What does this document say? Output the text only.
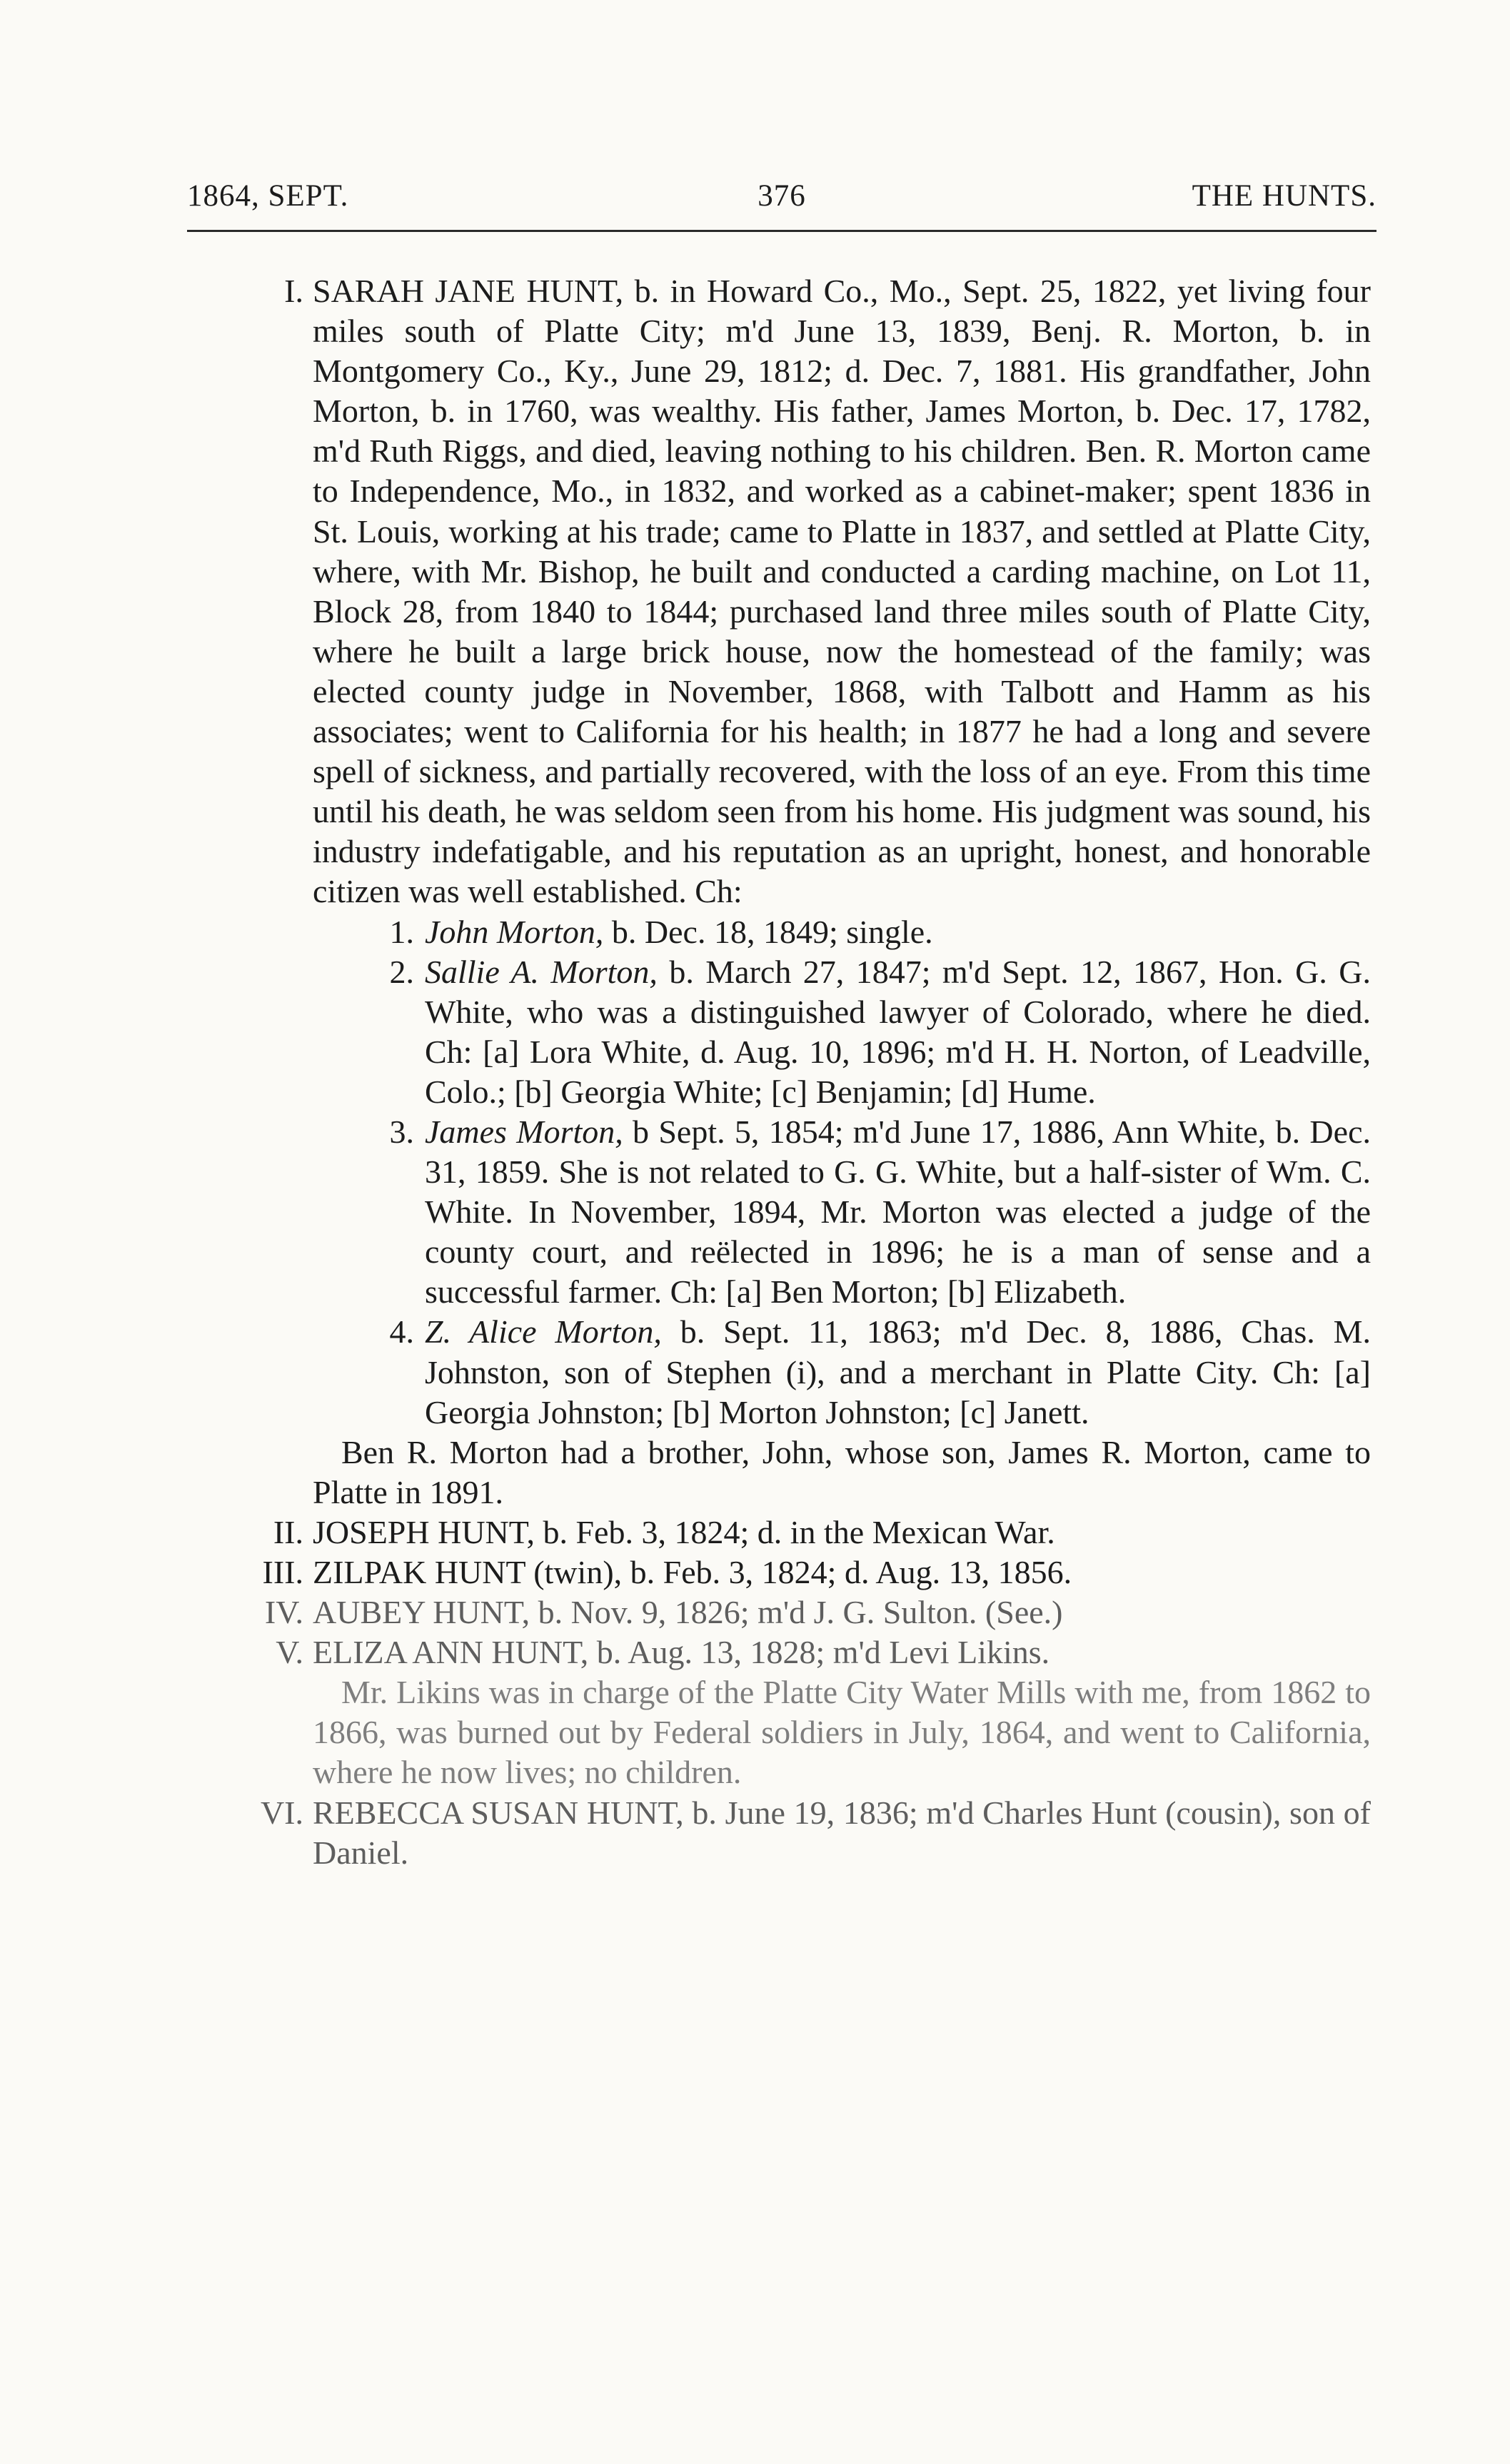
1864, SEPT.	376	THE HUNTS.
I. SARAH JANE HUNT, b. in Howard Co., Mo., Sept. 25, 1822, yet living four miles south of Platte City; m'd June 13, 1839, Benj. R. Morton, b. in Montgomery Co., Ky., June 29, 1812; d. Dec. 7, 1881. His grandfather, John Morton, b. in 1760, was wealthy. His father, James Morton, b. Dec. 17, 1782, m'd Ruth Riggs, and died, leaving nothing to his children. Ben. R. Morton came to Independence, Mo., in 1832, and worked as a cabinet-maker; spent 1836 in St. Louis, working at his trade; came to Platte in 1837, and settled at Platte City, where, with Mr. Bishop, he built and conducted a carding machine, on Lot 11, Block 28, from 1840 to 1844; purchased land three miles south of Platte City, where he built a large brick house, now the homestead of the family; was elected county judge in November, 1868, with Talbott and Hamm as his associates; went to California for his health; in 1877 he had a long and severe spell of sickness, and partially recovered, with the loss of an eye. From this time until his death, he was seldom seen from his home. His judgment was sound, his industry indefatigable, and his reputation as an upright, honest, and honorable citizen was well established. Ch:
1. John Morton, b. Dec. 18, 1849; single.
2. Sallie A. Morton, b. March 27, 1847; m'd Sept. 12, 1867, Hon. G. G. White, who was a distinguished lawyer of Colorado, where he died. Ch: [a] Lora White, d. Aug. 10, 1896; m'd H. H. Norton, of Leadville, Colo.; [b] Georgia White; [c] Benjamin; [d] Hume.
3. James Morton, b Sept. 5, 1854; m'd June 17, 1886, Ann White, b. Dec. 31, 1859. She is not related to G. G. White, but a half-sister of Wm. C. White. In November, 1894, Mr. Morton was elected a judge of the county court, and reëlected in 1896; he is a man of sense and a successful farmer. Ch: [a] Ben Morton; [b] Elizabeth.
4. Z. Alice Morton, b. Sept. 11, 1863; m'd Dec. 8, 1886, Chas. M. Johnston, son of Stephen (i), and a merchant in Platte City. Ch: [a] Georgia Johnston; [b] Morton Johnston; [c] Janett.
Ben R. Morton had a brother, John, whose son, James R. Morton, came to Platte in 1891.
II. JOSEPH HUNT, b. Feb. 3, 1824; d. in the Mexican War.
III. ZILPAK HUNT (twin), b. Feb. 3, 1824; d. Aug. 13, 1856.
IV. AUBEY HUNT, b. Nov. 9, 1826; m'd J. G. Sulton. (See.)
V. ELIZA ANN HUNT, b. Aug. 13, 1828; m'd Levi Likins.
Mr. Likins was in charge of the Platte City Water Mills with me, from 1862 to 1866, was burned out by Federal soldiers in July, 1864, and went to California, where he now lives; no children.
VI. REBECCA SUSAN HUNT, b. June 19, 1836; m'd Charles Hunt (cousin), son of Daniel.
